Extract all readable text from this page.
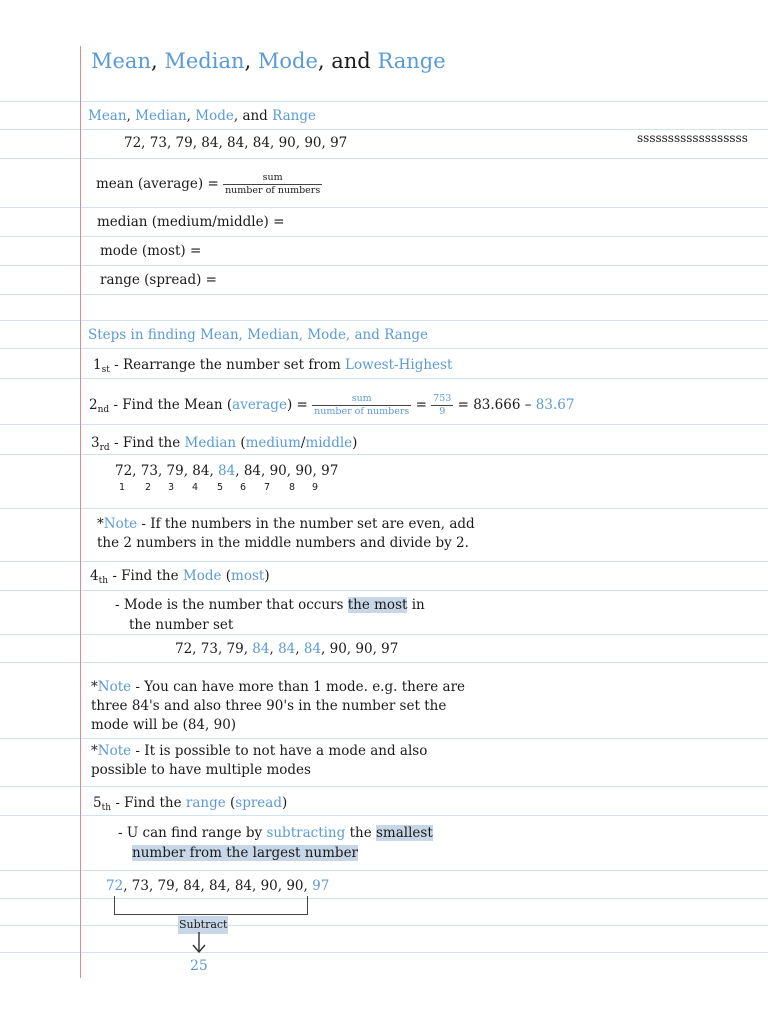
Mean, Median, Mode, and Range
Mean, Median, Mode, and Range
72, 73, 79, 84, 84, 84, 90, 90, 97	ssssssssssssssssss
mean (average) = $\frac{\text{sum}}{\text{number of numbers}}$
median (medium/middle) =
mode (most) =
range (spread) =
Steps in finding Mean, Median, Mode, and Range
$1_{st}$ - Rearrange the number set from Lowest-Highest
$2_{nd}$ - Find the Mean (average) = $\frac{\text{sum}}{\text{number of numbers}} = \frac{753}{9} = 83.666 - 83.67$
$3_{rd}$ - Find the Median (medium/middle)
72, 73, 79, 84, 84, 84, 90, 90, 97
1 2 3 4 5 6 7 8 9
*Note - If the numbers in the number set are even, add
the 2 numbers in the middle numbers and divide by 2.
$4_{th}$ - Find the Mode (most)
- Mode is the number that occurs the most in
the number set
72, 73, 79, 84, 84, 84, 90, 90, 97
*Note - You can have more than 1 mode. e.g. there are
three 84's and also three 90's in the number set the
mode will be (84, 90)
*Note - It is possible to not have a mode and also
possible to have multiple modes
$5_{th}$ - Find the range (spread)
- U can find range by subtracting the smallest
number from the largest number
72, 73, 79, 84, 84, 84, 90, 90, 97
Subtract
25
